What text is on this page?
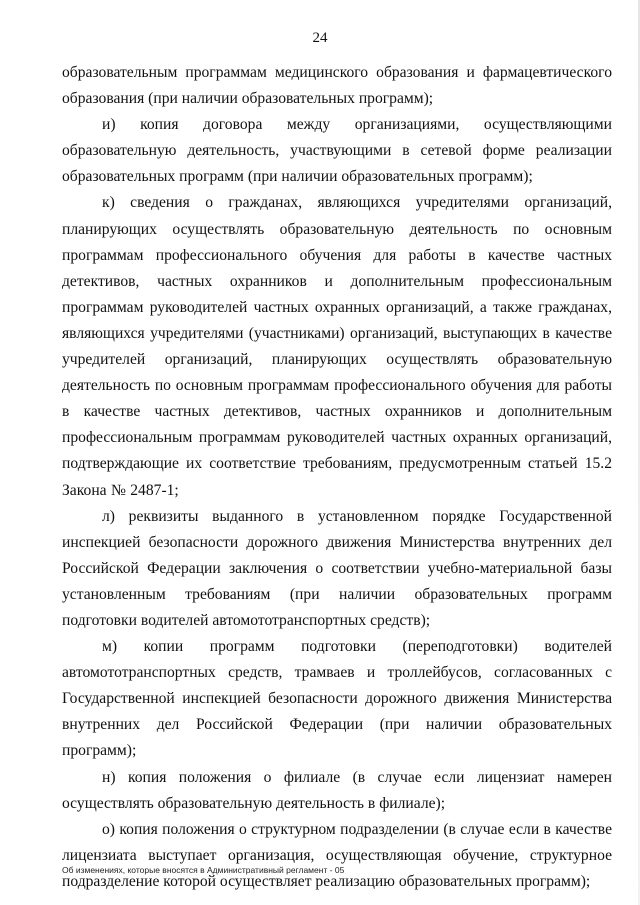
24

образовательным программам медицинского образования и фармацевтического образования (при наличии образовательных программ);

и) копия договора между организациями, осуществляющими образовательную деятельность, участвующими в сетевой форме реализации образовательных программ (при наличии образовательных программ);

к) сведения о гражданах, являющихся учредителями организаций, планирующих осуществлять образовательную деятельность по основным программам профессионального обучения для работы в качестве частных детективов, частных охранников и дополнительным профессиональным программам руководителей частных охранных организаций, а также гражданах, являющихся учредителями (участниками) организаций, выступающих в качестве учредителей организаций, планирующих осуществлять образовательную деятельность по основным программам профессионального обучения для работы в качестве частных детективов, частных охранников и дополнительным профессиональным программам руководителей частных охранных организаций, подтверждающие их соответствие требованиям, предусмотренным статьей 15.2 Закона № 2487-1;

л) реквизиты выданного в установленном порядке Государственной инспекцией безопасности дорожного движения Министерства внутренних дел Российской Федерации заключения о соответствии учебно-материальной базы установленным требованиям (при наличии образовательных программ подготовки водителей автомототранспортных средств);

м) копии программ подготовки (переподготовки) водителей автомототранспортных средств, трамваев и троллейбусов, согласованных с Государственной инспекцией безопасности дорожного движения Министерства внутренних дел Российской Федерации (при наличии образовательных программ);

н) копия положения о филиале (в случае если лицензиат намерен осуществлять образовательную деятельность в филиале);

о) копия положения о структурном подразделении (в случае если в качестве лицензиата выступает организация, осуществляющая обучение, структурное подразделение которой осуществляет реализацию образовательных программ);

Об изменениях, которые вносятся в Административный регламент - 05
